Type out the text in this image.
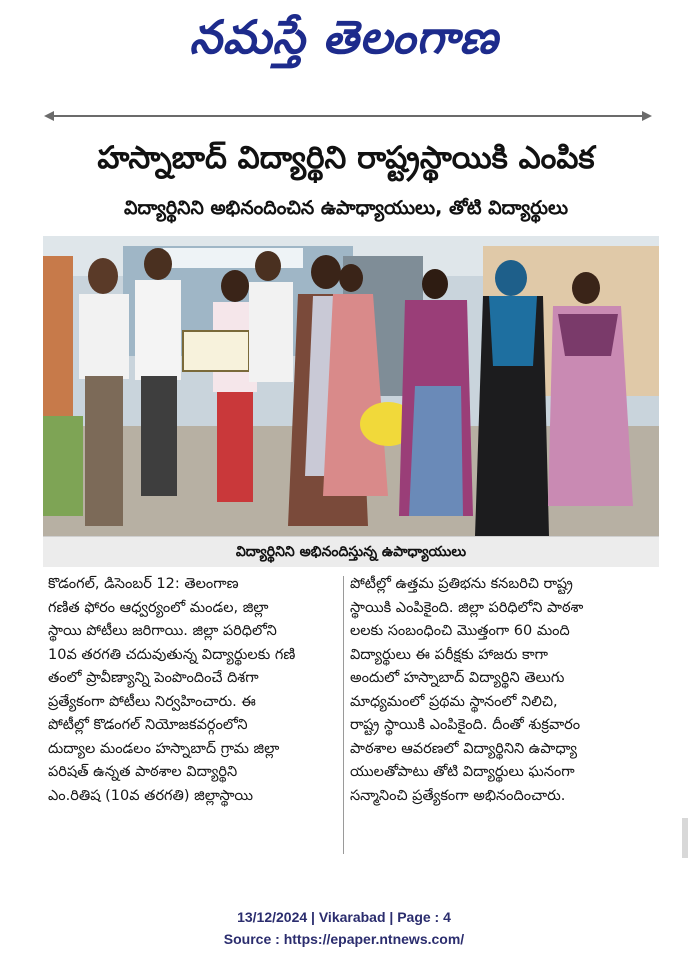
నమస్తే తెలంగాణ
హస్నాబాద్ విద్యార్థిని రాష్ట్రస్థాయికి ఎంపిక
విద్యార్థినిని అభినందించిన ఉపాధ్యాయులు, తోటి విద్యార్థులు
విద్యార్థినిని అభినందిస్తున్న ఉపాధ్యాయులు

కొడంగల్, డిసెంబర్ 12: తెలంగాణ

గణిత ఫోరం ఆధ్వర్యంలో మండల, జిల్లా

స్థాయి పోటీలు జరిగాయి. జిల్లా పరిధిలోని

10వ తరగతి చదువుతున్న విద్యార్థులకు గణి

తంలో ప్రావీణ్యాన్ని పెంపొందించే దిశగా

ప్రత్యేకంగా పోటీలు నిర్వహించారు. ఈ

పోటీల్లో కొడంగల్ నియోజకవర్గంలోని

దుద్యాల మండలం హస్నాబాద్ గ్రామ జిల్లా

పరిషత్ ఉన్నత పాఠశాల విద్యార్థిని

ఎం.రితిష (10వ తరగతి) జిల్లాస్థాయి

పోటీల్లో ఉత్తమ ప్రతిభను కనబరిచి రాష్ట్ర

స్థాయికి ఎంపికైంది. జిల్లా పరిధిలోని పాఠశా

లలకు సంబంధించి మొత్తంగా 60 మంది

విద్యార్థులు ఈ పరీక్షకు హాజరు కాగా

అందులో హస్నాబాద్ విద్యార్థిని తెలుగు

మాధ్యమంలో ప్రథమ స్థానంలో నిలిచి,

రాష్ట్ర స్థాయికి ఎంపికైంది. దీంతో శుక్రవారం

పాఠశాల ఆవరణలో విద్యార్థినిని ఉపాధ్యా

యులతోపాటు తోటి విద్యార్థులు ఘనంగా

సన్మానించి ప్రత్యేకంగా అభినందించారు.

13/12/2024 | Vikarabad | Page : 4
Source : https://epaper.ntnews.com/
